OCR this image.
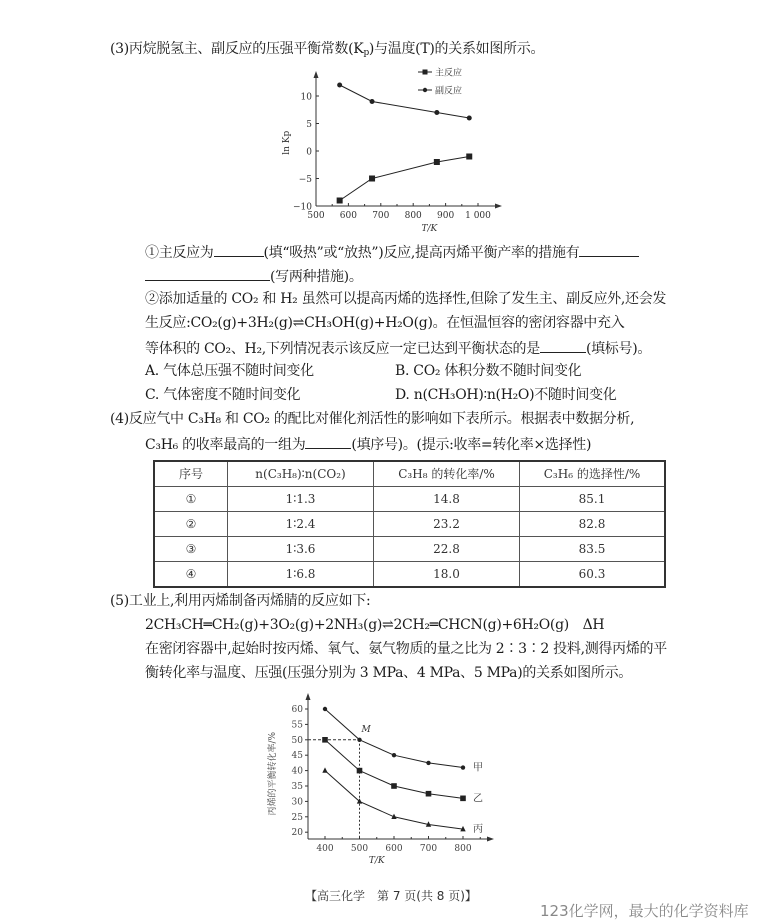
(3)丙烷脱氢主、副反应的压强平衡常数$(K_p)$与温度(T)的关系如图所示。
500 600 700 800 900 1 000
−10
−5
0
5
10
T/K
ln Kp
主反应
副反应
①主反应为	(填“吸热”或“放热”)反应,提高丙烯平衡产率的措施有
(写两种措施)。
②添加适量的 CO₂ 和 H₂ 虽然可以提高丙烯的选择性,但除了发生主、副反应外,还会发
生反应:CO₂(g)+3H₂(g)⇌CH₃OH(g)+H₂O(g)。在恒温恒容的密闭容器中充入
等体积的 CO₂、H₂,下列情况表示该反应一定已达到平衡状态的是	(填标号)。
A. 气体总压强不随时间变化	B. CO₂ 体积分数不随时间变化
C. 气体密度不随时间变化	D. n(CH₃OH)∶n(H₂O)不随时间变化
(4)反应气中 C₃H₈ 和 CO₂ 的配比对催化剂活性的影响如下表所示。根据表中数据分析,
C₃H₆ 的收率最高的一组为	(填序号)。(提示:收率=转化率×选择性)
序号	n(C₃H₈)∶n(CO₂)	C₃H₈ 的转化率/%	C₃H₆ 的选择性/%
①	1∶1.3	14.8	85.1
②	1∶2.4	23.2	82.8
③	1∶3.6	22.8	83.5
④	1∶6.8	18.0	60.3
(5)工业上,利用丙烯制备丙烯腈的反应如下:
2CH₃CH═CH₂(g)+3O₂(g)+2NH₃(g)⇌2CH₂═CHCN(g)+6H₂O(g)　ΔH
在密闭容器中,起始时按丙烯、氧气、氨气物质的量之比为 2∶3∶2 投料,测得丙烯的平
衡转化率与温度、压强(压强分别为 3 MPa、4 MPa、5 MPa)的关系如图所示。
20
25
30
35
40
45
50
55
60
400 500 600 700 800
T/K
丙烯的平衡转化率/%
M
甲
乙
丙
【高三化学　第 7 页(共 8 页)】
123化学网，最大的化学资料库
